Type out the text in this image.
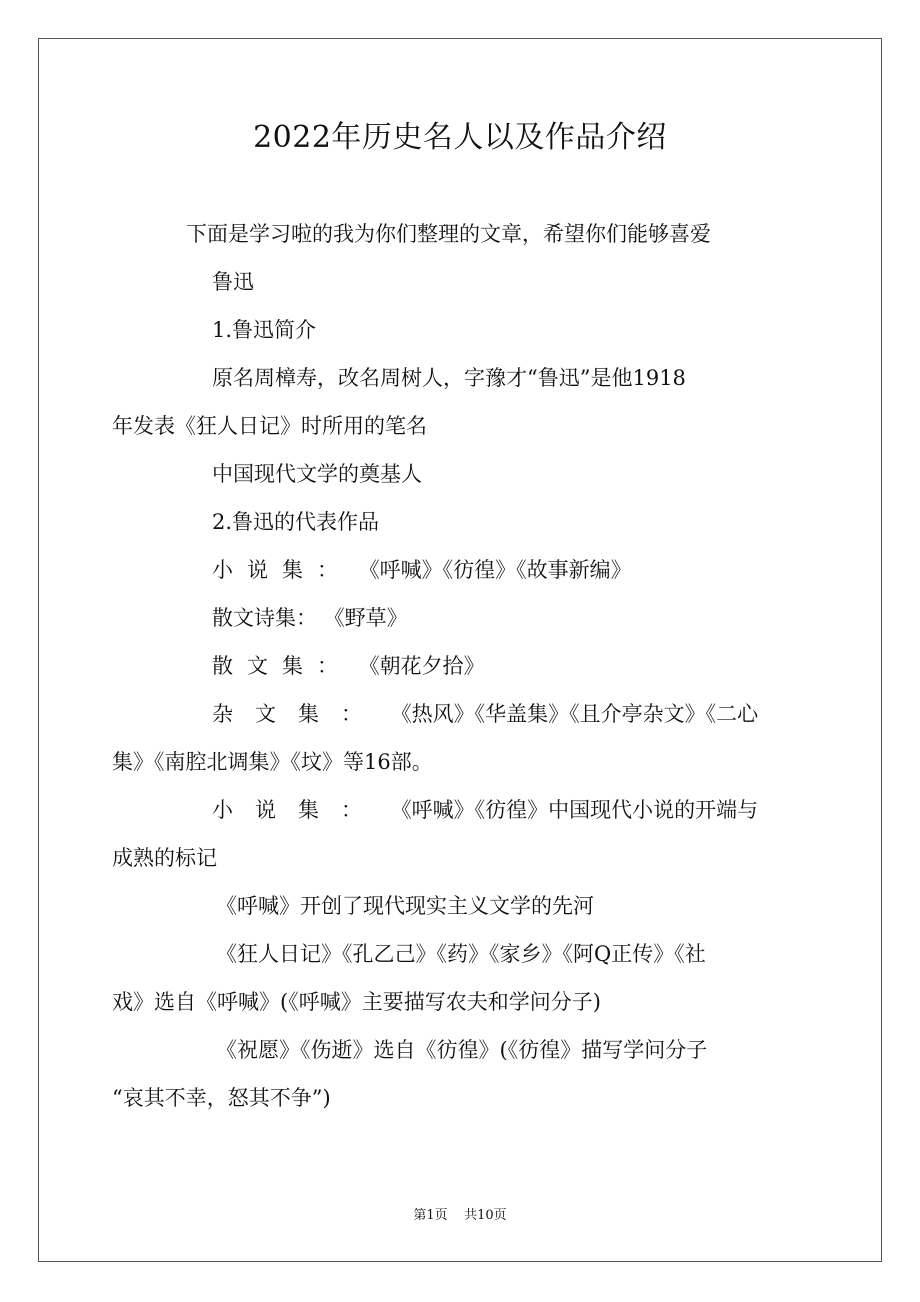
2022年历史名人以及作品介绍

下面是学习啦的我为你们整理的文章，希望你们能够喜爱

鲁迅

1.鲁迅简介

原名周樟寿，改名周树人，字豫才“鲁迅”是他1918

年发表《狂人日记》时所用的笔名

中国现代文学的奠基人

2.鲁迅的代表作品

小说集： 《呼喊》《彷徨》《故事新编》

散文诗集： 《野草》

散文集： 《朝花夕拾》

杂文集： 《热风》《华盖集》《且介亭杂文》《二心

集》《南腔北调集》《坟》等16部。

小说集： 《呼喊》《彷徨》中国现代小说的开端与

成熟的标记

《呼喊》开创了现代现实主义文学的先河

《狂人日记》《孔乙己》《药》《家乡》《阿Q正传》《社

戏》选自《呼喊》(《呼喊》主要描写农夫和学问分子)

《祝愿》《伤逝》选自《彷徨》(《彷徨》描写学问分子

“哀其不幸，怒其不争”)

第1页 共10页
